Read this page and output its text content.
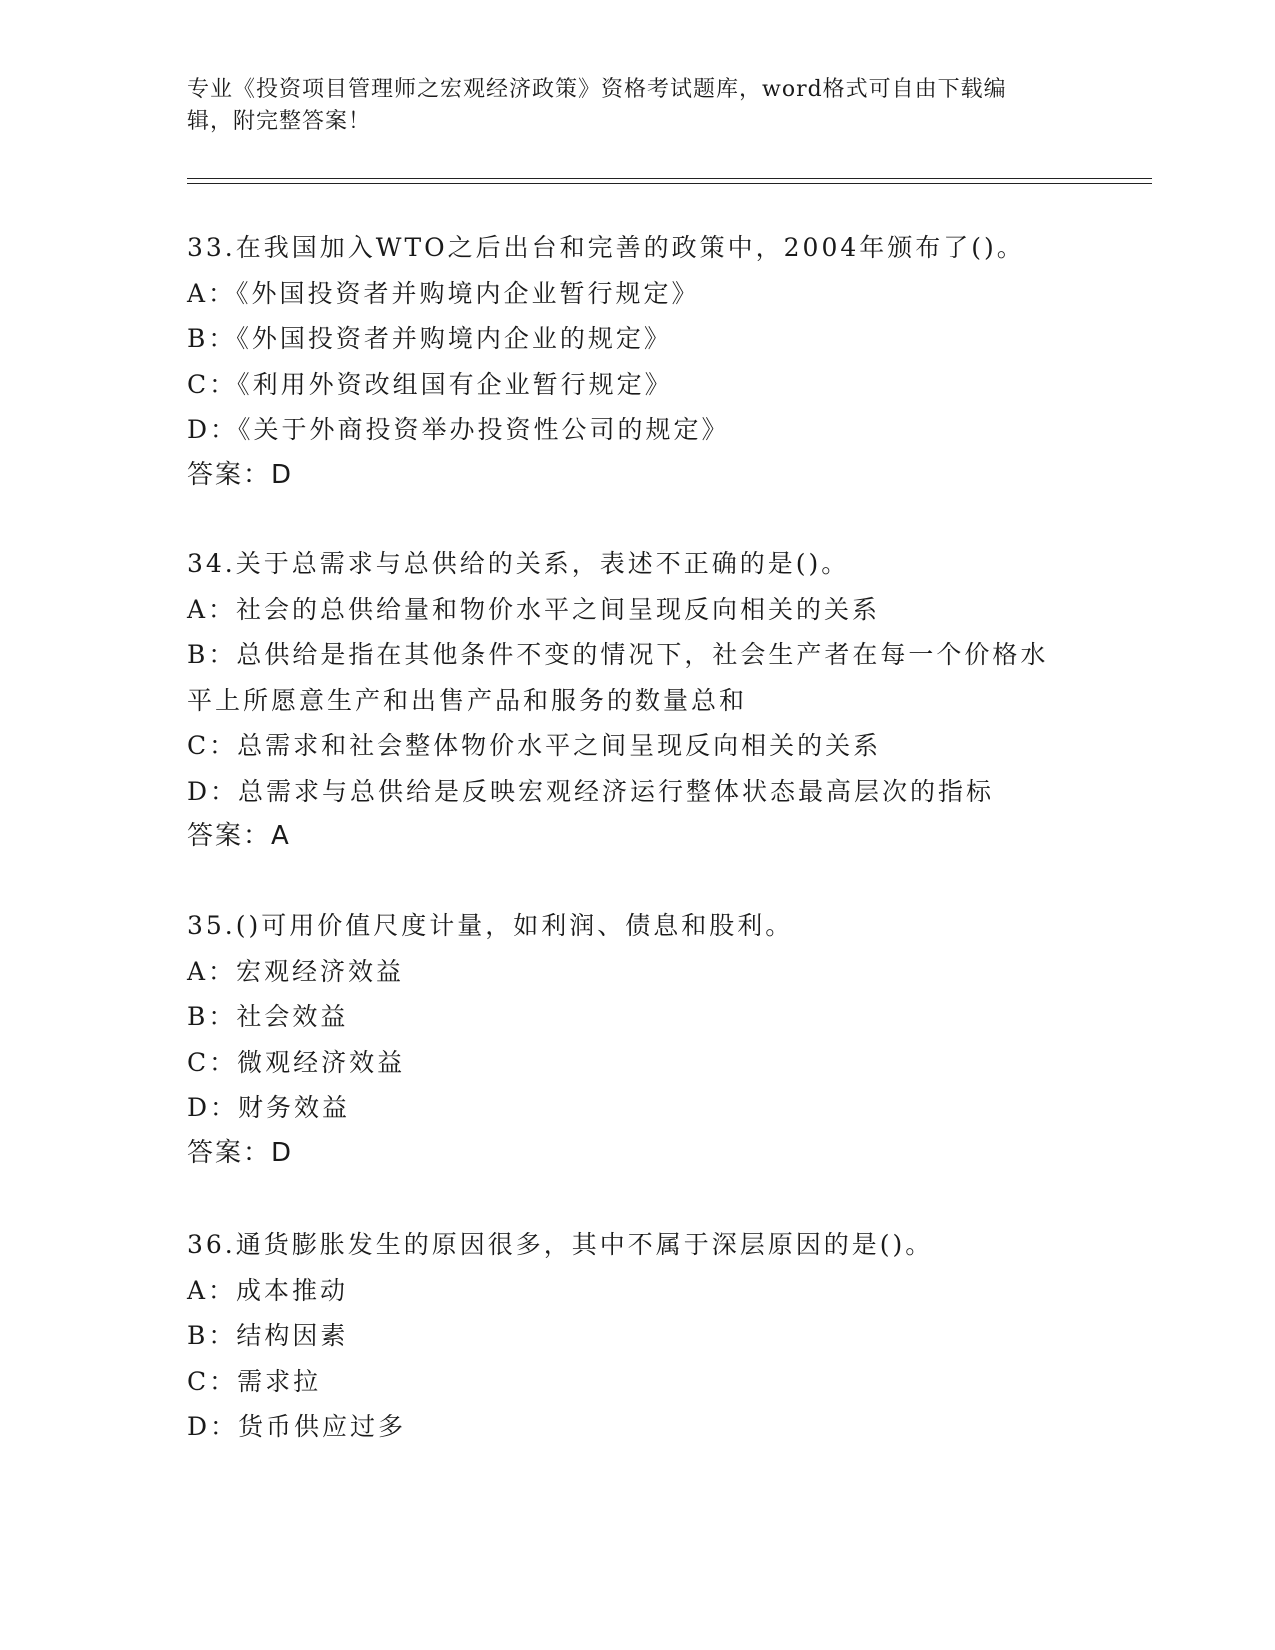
专业《投资项目管理师之宏观经济政策》资格考试题库，word格式可自由下载编
辑，附完整答案！
33.在我国加入WTO之后出台和完善的政策中，2004年颁布了()。
A：《外国投资者并购境内企业暂行规定》
B：《外国投资者并购境内企业的规定》
C：《利用外资改组国有企业暂行规定》
D：《关于外商投资举办投资性公司的规定》
答案：D
34.关于总需求与总供给的关系，表述不正确的是()。
A：社会的总供给量和物价水平之间呈现反向相关的关系
B：总供给是指在其他条件不变的情况下，社会生产者在每一个价格水
平上所愿意生产和出售产品和服务的数量总和
C：总需求和社会整体物价水平之间呈现反向相关的关系
D：总需求与总供给是反映宏观经济运行整体状态最高层次的指标
答案：A
35.()可用价值尺度计量，如利润、债息和股利。
A：宏观经济效益
B：社会效益
C：微观经济效益
D：财务效益
答案：D
36.通货膨胀发生的原因很多，其中不属于深层原因的是()。
A：成本推动
B：结构因素
C：需求拉
D：货币供应过多
